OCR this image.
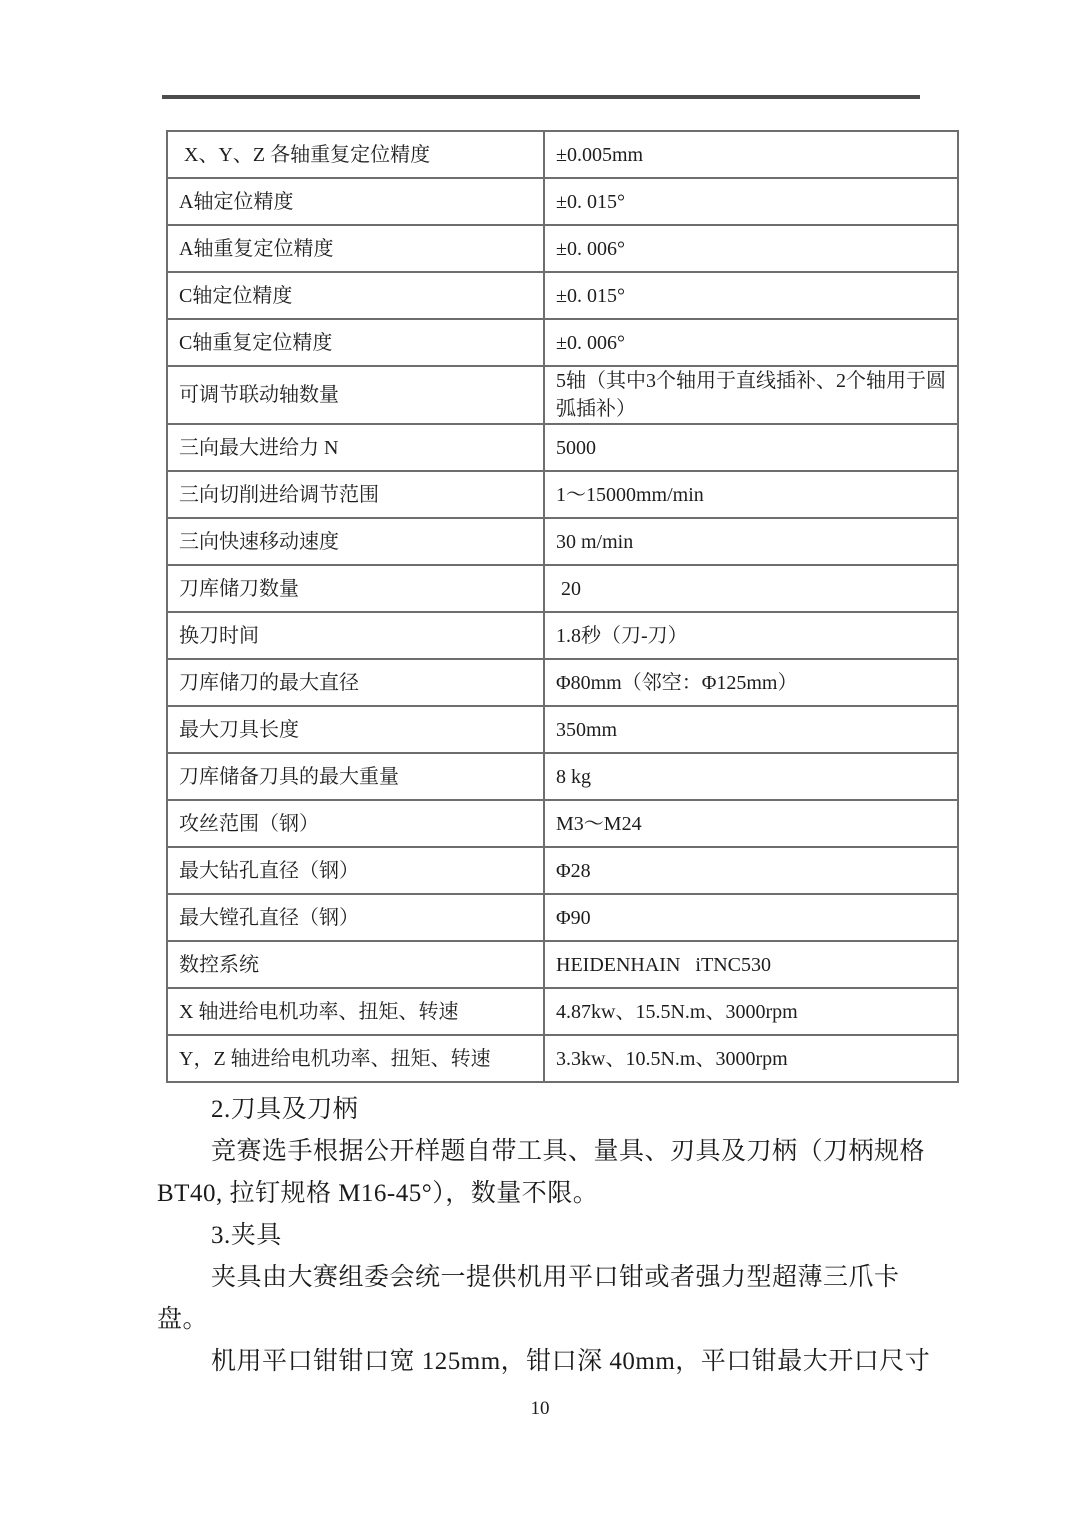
X、Y、Z 各轴重复定位精度	±0.005mm
A轴定位精度	±0. 015°
A轴重复定位精度	±0. 006°
C轴定位精度	±0. 015°
C轴重复定位精度	±0. 006°
可调节联动轴数量	5轴（其中3个轴用于直线插补、2个轴用于圆弧插补）
三向最大进给力 N	5000
三向切削进给调节范围	1～15000mm/min
三向快速移动速度	30 m/min
刀库储刀数量	20
换刀时间	1.8秒（刀-刀）
刀库储刀的最大直径	Φ80mm（邻空：Φ125mm）
最大刀具长度	350mm
刀库储备刀具的最大重量	8 kg
攻丝范围（钢）	M3～M24
最大钻孔直径（钢）	Φ28
最大镗孔直径（钢）	Φ90
数控系统	HEIDENHAIN   iTNC530
X 轴进给电机功率、扭矩、转速	4.87kw、15.5N.m、3000rpm
Y，Z 轴进给电机功率、扭矩、转速	3.3kw、10.5N.m、3000rpm
2.刀具及刀柄
竞赛选手根据公开样题自带工具、量具、刃具及刀柄（刀柄规格
BT40, 拉钉规格 M16-45°），数量不限。
3.夹具
夹具由大赛组委会统一提供机用平口钳或者强力型超薄三爪卡
盘。
机用平口钳钳口宽 125mm，钳口深 40mm，平口钳最大开口尺寸
10
